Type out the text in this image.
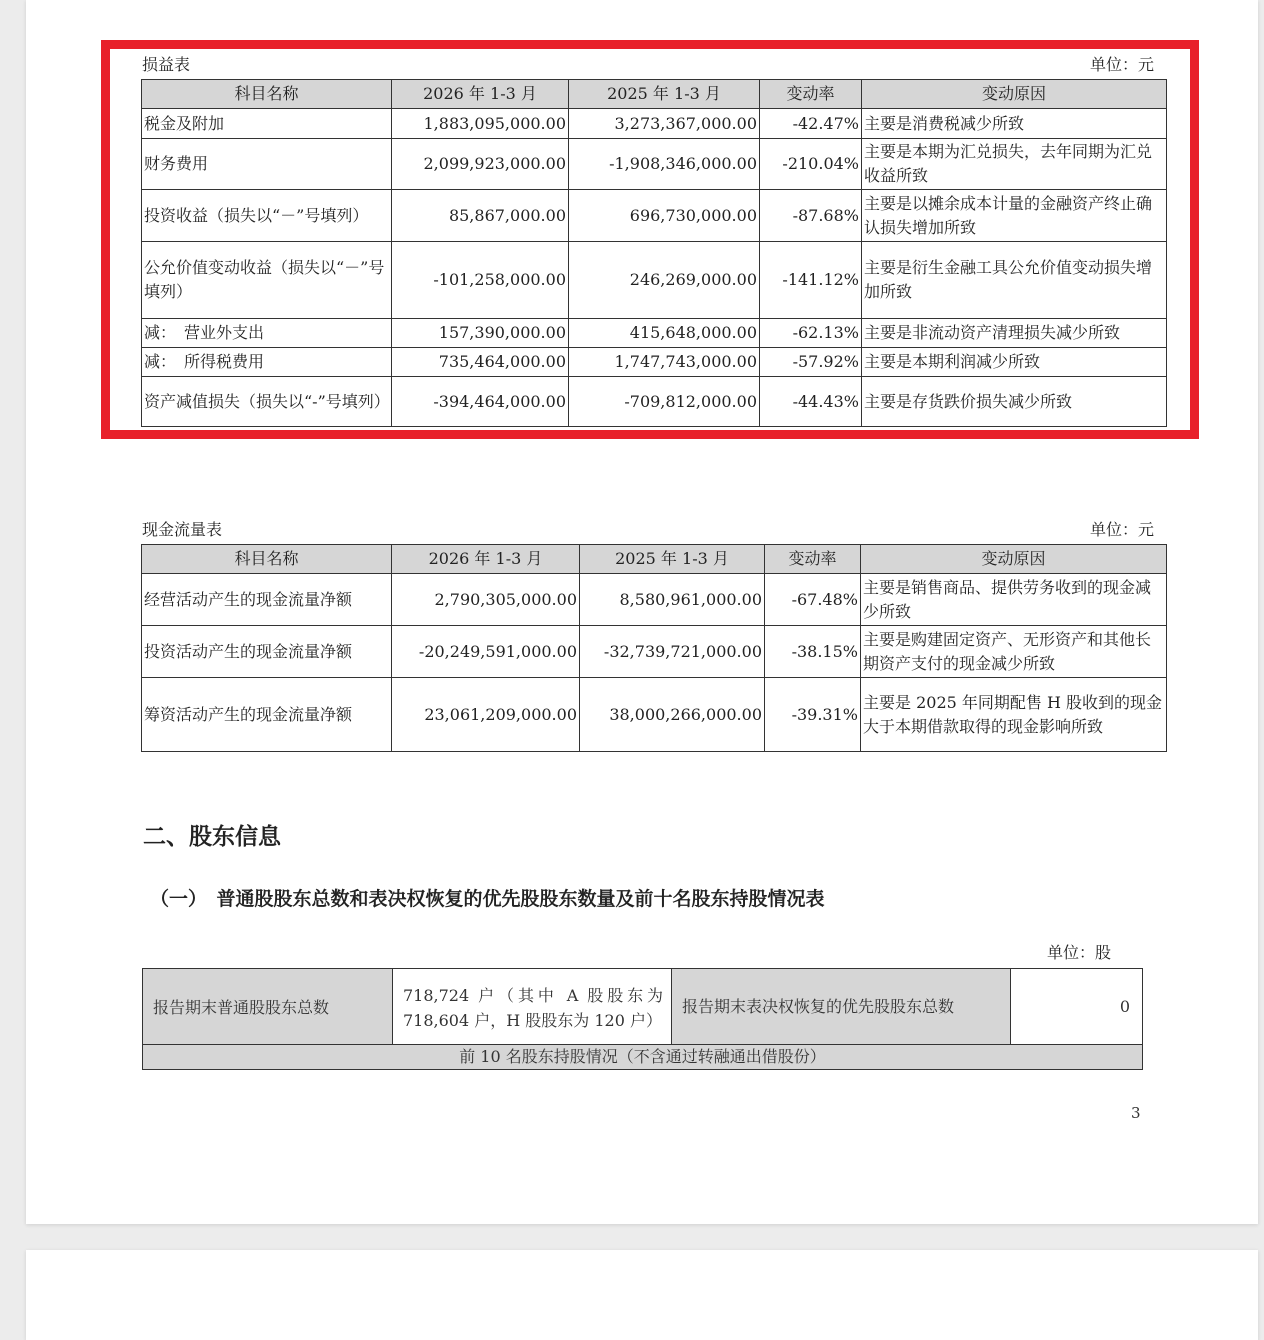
损益表	单位：元
科目名称	2026 年 1-3 月	2025 年 1-3 月	变动率	变动原因
税金及附加	1,883,095,000.00	3,273,367,000.00	-42.47%	主要是消费税减少所致
财务费用	2,099,923,000.00	-1,908,346,000.00	-210.04%	主要是本期为汇兑损失，去年同期为汇兑收益所致
投资收益（损失以“－”号填列）	85,867,000.00	696,730,000.00	-87.68%	主要是以摊余成本计量的金融资产终止确认损失增加所致
公允价值变动收益（损失以“－”号填列）	-101,258,000.00	246,269,000.00	-141.12%	主要是衍生金融工具公允价值变动损失增加所致
减：　营业外支出	157,390,000.00	415,648,000.00	-62.13%	主要是非流动资产清理损失减少所致
减：　所得税费用	735,464,000.00	1,747,743,000.00	-57.92%	主要是本期利润减少所致
资产减值损失（损失以“-”号填列）	-394,464,000.00	-709,812,000.00	-44.43%	主要是存货跌价损失减少所致
现金流量表	单位：元
科目名称	2026 年 1-3 月	2025 年 1-3 月	变动率	变动原因
经营活动产生的现金流量净额	2,790,305,000.00	8,580,961,000.00	-67.48%	主要是销售商品、提供劳务收到的现金减少所致
投资活动产生的现金流量净额	-20,249,591,000.00	-32,739,721,000.00	-38.15%	主要是购建固定资产、无形资产和其他长期资产支付的现金减少所致
筹资活动产生的现金流量净额	23,061,209,000.00	38,000,266,000.00	-39.31%	主要是 2025 年同期配售 H 股收到的现金大于本期借款取得的现金影响所致
二、股东信息
（一）　普通股股东总数和表决权恢复的优先股股东数量及前十名股东持股情况表
单位：股
报告期末普通股股东总数	718,724 户（其中 A 股股东为 718,604 户，H 股股东为 120 户）	报告期末表决权恢复的优先股股东总数	0
前 10 名股东持股情况（不含通过转融通出借股份）
3
